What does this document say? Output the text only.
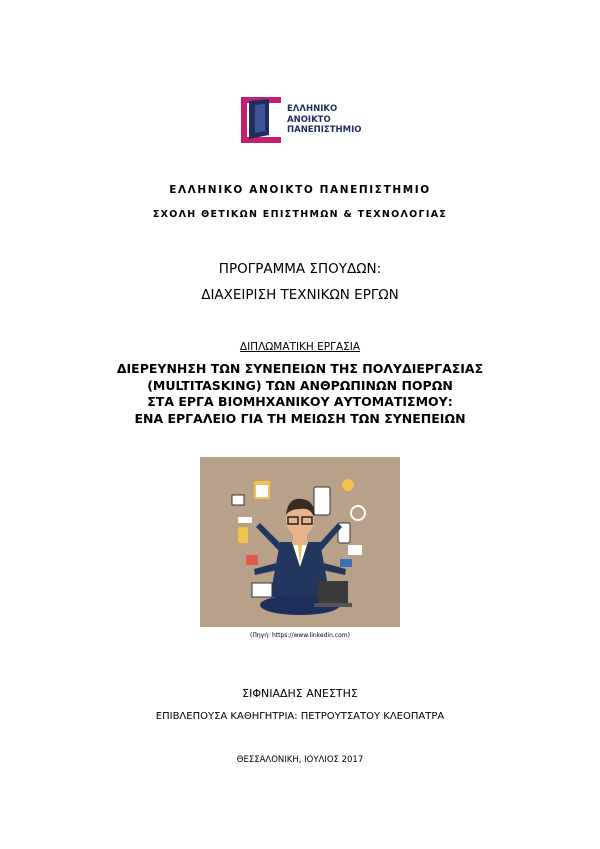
ΕΛΛΗΝΙΚΟ
ΑΝΟΙΚΤΟ
ΠΑΝΕΠΙΣΤΗΜΙΟ
ΕΛΛΗΝΙΚΟ ΑΝΟΙΚΤΟ ΠΑΝΕΠΙΣΤΗΜΙΟ
ΣΧΟΛΗ ΘΕΤΙΚΩΝ ΕΠΙΣΤΗΜΩΝ & ΤΕΧΝΟΛΟΓΙΑΣ
ΠΡΟΓΡΑΜΜΑ ΣΠΟΥΔΩΝ:
ΔΙΑΧΕΙΡΙΣΗ ΤΕΧΝΙΚΩΝ ΕΡΓΩΝ
ΔΙΠΛΩΜΑΤΙΚΗ ΕΡΓΑΣΙΑ
ΔΙΕΡΕΥΝΗΣΗ ΤΩΝ ΣΥΝΕΠΕΙΩΝ ΤΗΣ ΠΟΛΥΔΙΕΡΓΑΣΙΑΣ
(MULTITASKING) ΤΩΝ ΑΝΘΡΩΠΙΝΩΝ ΠΟΡΩΝ
ΣΤΑ ΕΡΓΑ ΒΙΟΜΗΧΑΝΙΚΟΥ ΑΥΤΟΜΑΤΙΣΜΟΥ:
ΕΝΑ ΕΡΓΑΛΕΙΟ ΓΙΑ ΤΗ ΜΕΙΩΣΗ ΤΩΝ ΣΥΝΕΠΕΙΩΝ
(Πηγή: https://www.linkedin.com)
ΣΙΦΝΙΑΔΗΣ ΑΝΕΣΤΗΣ
ΕΠΙΒΛΕΠΟΥΣΑ ΚΑΘΗΓΗΤΡΙΑ: ΠΕΤΡΟΥΤΣΑΤΟΥ ΚΛΕΟΠΑΤΡΑ
ΘΕΣΣΑΛΟΝΙΚΗ, ΙΟΥΛΙΟΣ 2017
